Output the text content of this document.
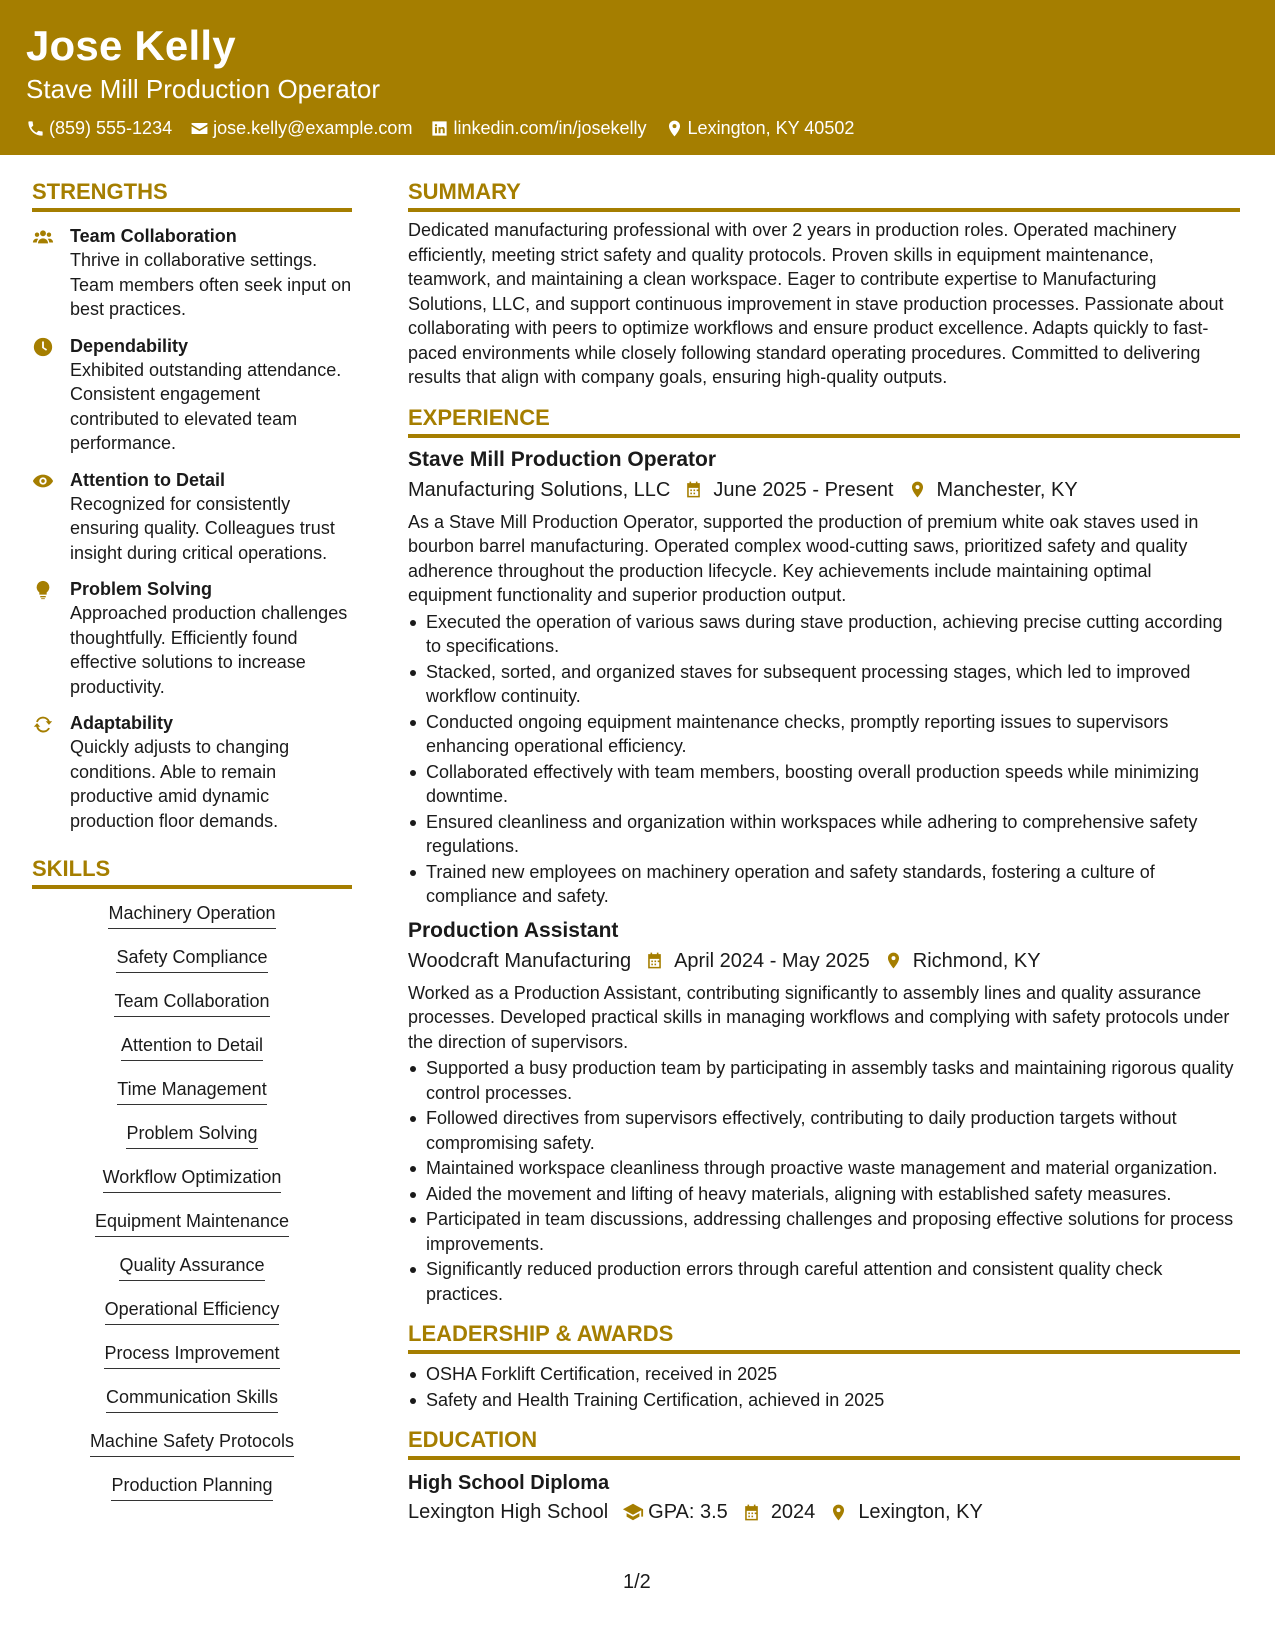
Jose Kelly
Stave Mill Production Operator
(859) 555-1234 jose.kelly@example.com linkedin.com/in/josekelly Lexington, KY 40502
STRENGTHS
Team Collaboration
Thrive in collaborative settings. Team members often seek input on best practices.
Dependability
Exhibited outstanding attendance. Consistent engagement contributed to elevated team performance.
Attention to Detail
Recognized for consistently ensuring quality. Colleagues trust insight during critical operations.
Problem Solving
Approached production challenges thoughtfully. Efficiently found effective solutions to increase productivity.
Adaptability
Quickly adjusts to changing conditions. Able to remain productive amid dynamic production floor demands.
SKILLS
Machinery Operation
Safety Compliance
Team Collaboration
Attention to Detail
Time Management
Problem Solving
Workflow Optimization
Equipment Maintenance
Quality Assurance
Operational Efficiency
Process Improvement
Communication Skills
Machine Safety Protocols
Production Planning
SUMMARY
Dedicated manufacturing professional with over 2 years in production roles. Operated machinery efficiently, meeting strict safety and quality protocols. Proven skills in equipment maintenance, teamwork, and maintaining a clean workspace. Eager to contribute expertise to Manufacturing Solutions, LLC, and support continuous improvement in stave production processes. Passionate about collaborating with peers to optimize workflows and ensure product excellence. Adapts quickly to fast-paced environments while closely following standard operating procedures. Committed to delivering results that align with company goals, ensuring high-quality outputs.
EXPERIENCE
Stave Mill Production Operator
Manufacturing Solutions, LLC June 2025 - Present Manchester, KY
As a Stave Mill Production Operator, supported the production of premium white oak staves used in bourbon barrel manufacturing. Operated complex wood-cutting saws, prioritized safety and quality adherence throughout the production lifecycle. Key achievements include maintaining optimal equipment functionality and superior production output.
Executed the operation of various saws during stave production, achieving precise cutting according to specifications.
Stacked, sorted, and organized staves for subsequent processing stages, which led to improved workflow continuity.
Conducted ongoing equipment maintenance checks, promptly reporting issues to supervisors enhancing operational efficiency.
Collaborated effectively with team members, boosting overall production speeds while minimizing downtime.
Ensured cleanliness and organization within workspaces while adhering to comprehensive safety regulations.
Trained new employees on machinery operation and safety standards, fostering a culture of compliance and safety.
Production Assistant
Woodcraft Manufacturing April 2024 - May 2025 Richmond, KY
Worked as a Production Assistant, contributing significantly to assembly lines and quality assurance processes. Developed practical skills in managing workflows and complying with safety protocols under the direction of supervisors.
Supported a busy production team by participating in assembly tasks and maintaining rigorous quality control processes.
Followed directives from supervisors effectively, contributing to daily production targets without compromising safety.
Maintained workspace cleanliness through proactive waste management and material organization.
Aided the movement and lifting of heavy materials, aligning with established safety measures.
Participated in team discussions, addressing challenges and proposing effective solutions for process improvements.
Significantly reduced production errors through careful attention and consistent quality check practices.
LEADERSHIP & AWARDS
OSHA Forklift Certification, received in 2025
Safety and Health Training Certification, achieved in 2025
EDUCATION
High School Diploma
Lexington High School GPA: 3.5 2024 Lexington, KY
1/2
